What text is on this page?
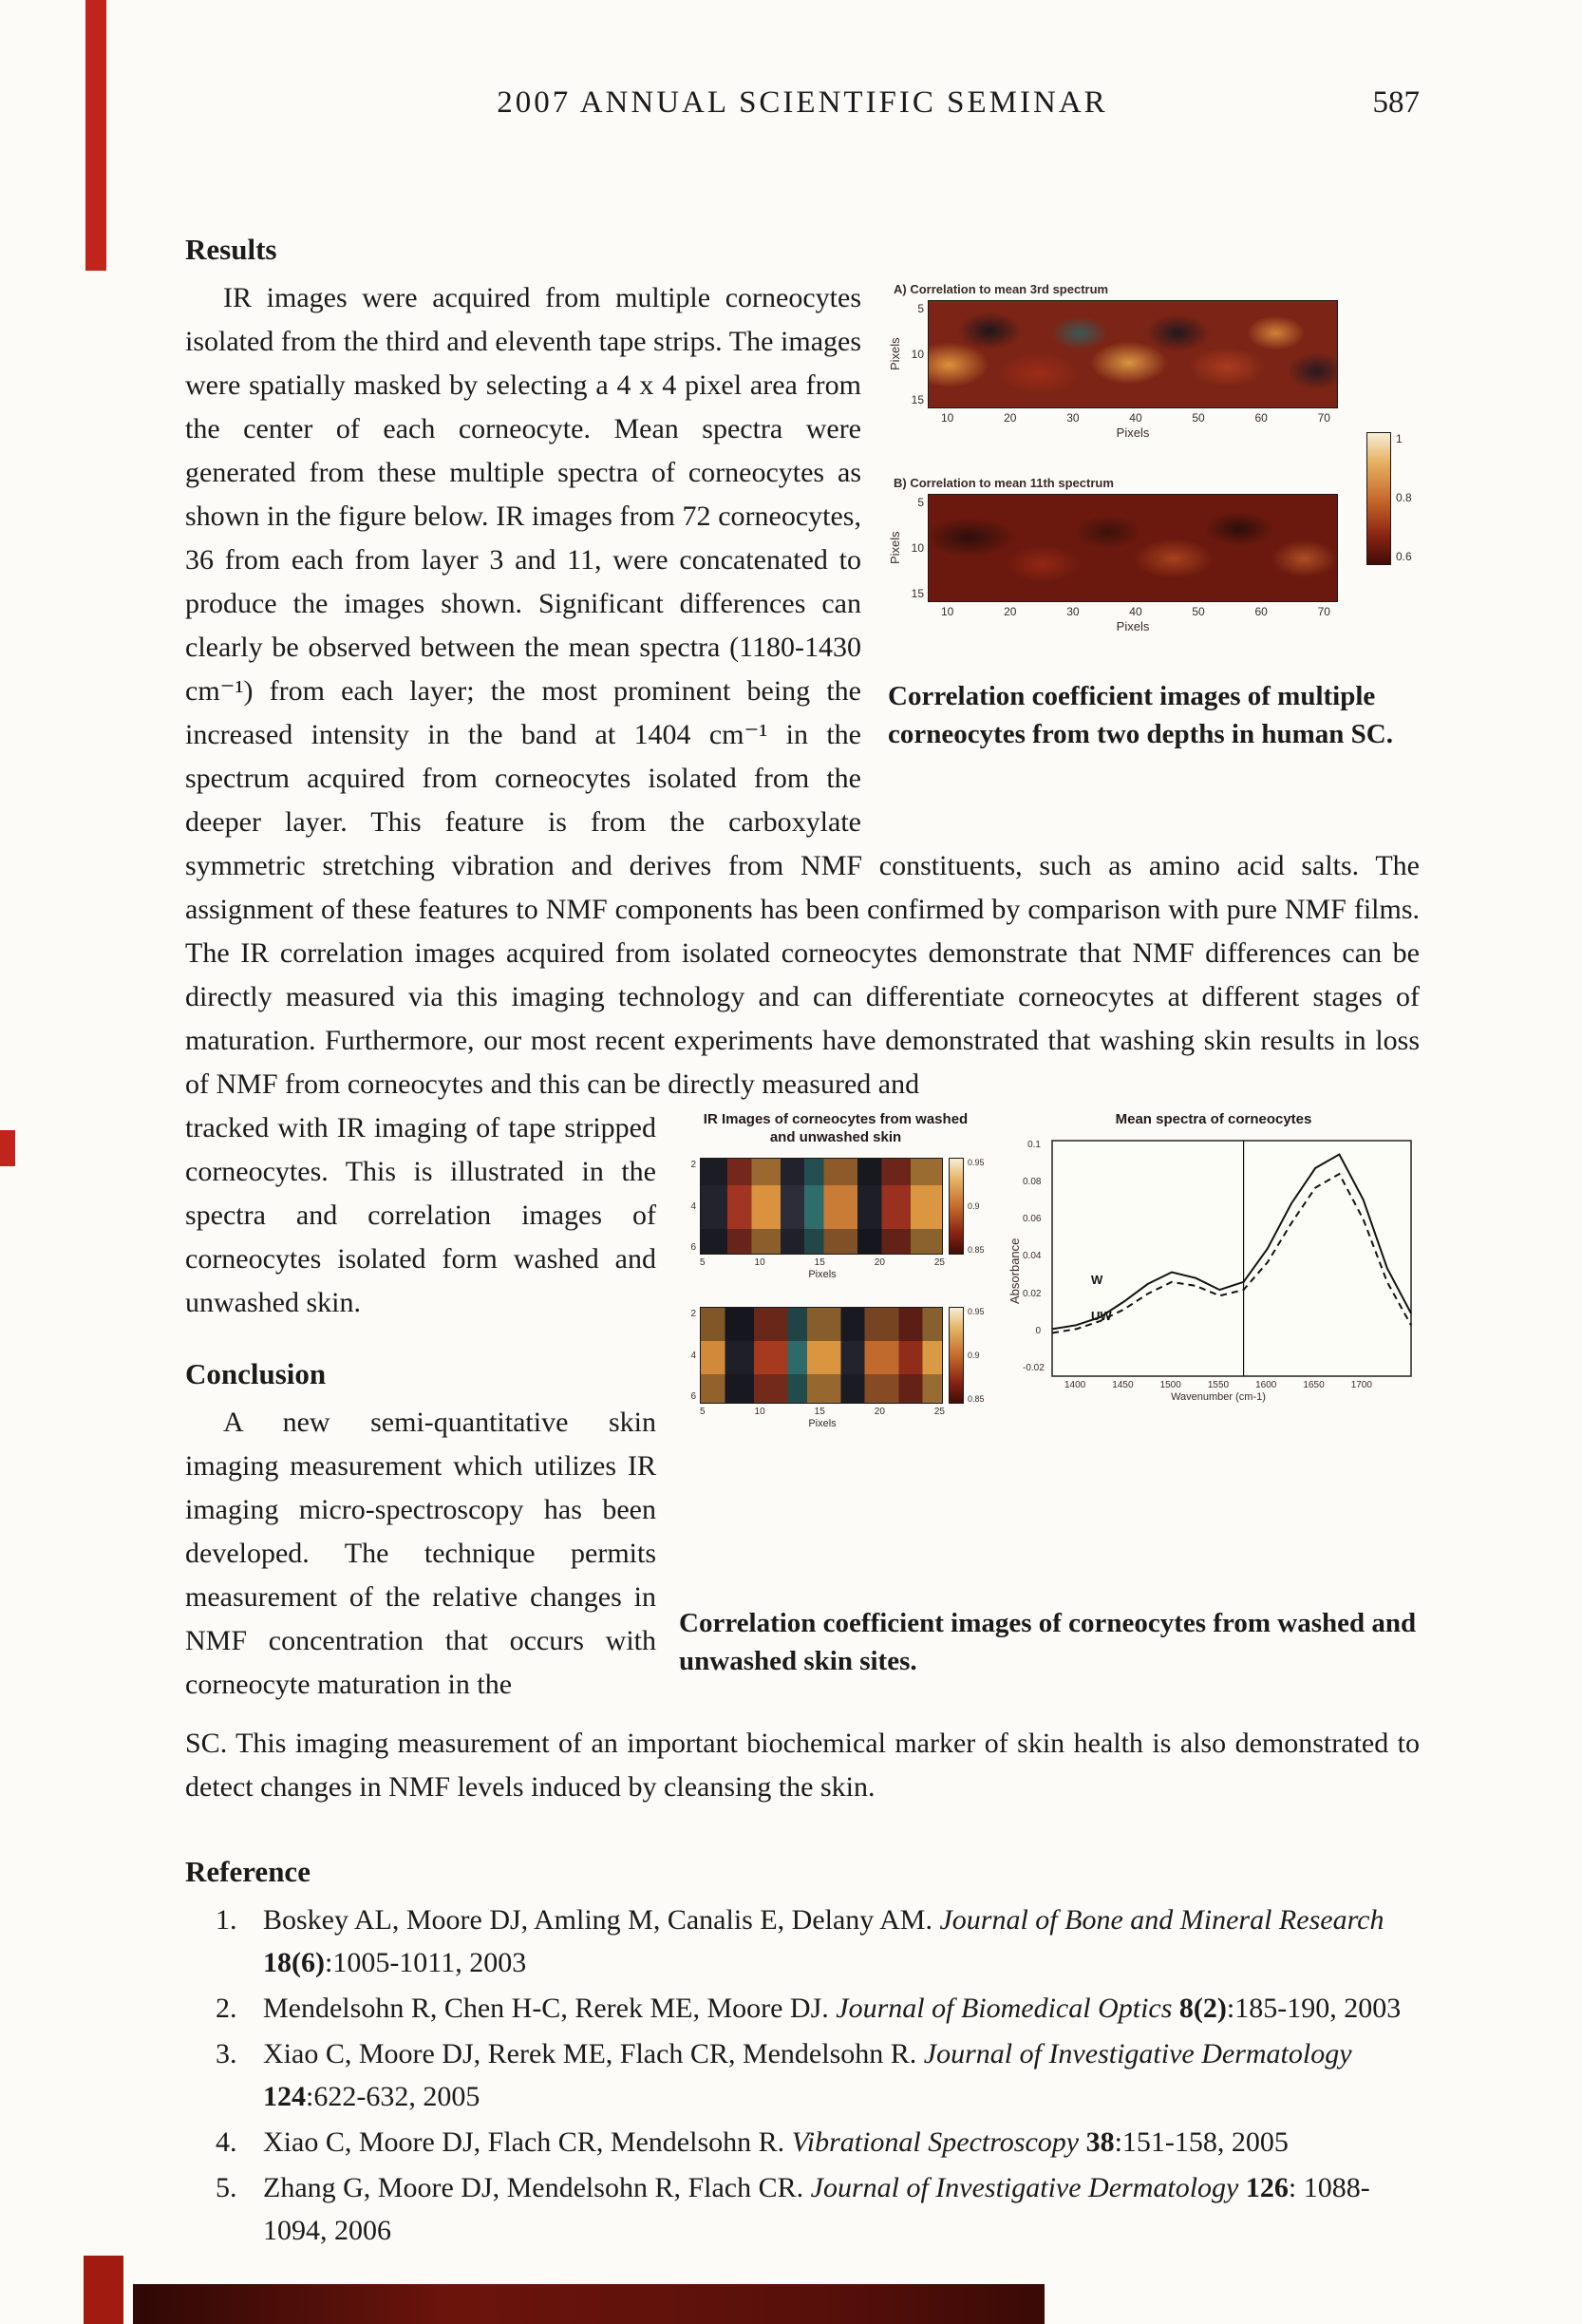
2007 ANNUAL SCIENTIFIC SEMINAR	587
Results
A) Correlation to mean 3rd spectrum
Pixels
5
10
15
10	20	30	40	50	60	70
Pixels	1
0.8
0.6
B) Correlation to mean 11th spectrum
Pixels
5
10
15
10	20	30	40	50	60	70
Pixels
Correlation coefficient images of multiple corneocytes from two depths in human SC.

IR images were acquired from multiple corneocytes isolated from the third and eleventh tape strips. The images were spatially masked by selecting a 4 x 4 pixel area from the center of each corneocyte. Mean spectra were generated from these multiple spectra of corneocytes as shown in the figure below. IR images from 72 corneocytes, 36 from each from layer 3 and 11, were concatenated to produce the images shown. Significant differences can clearly be observed between the mean spectra (1180-1430 cm⁻¹) from each layer; the most prominent being the increased intensity in the band at 1404 cm⁻¹ in the spectrum acquired from corneocytes isolated from the deeper layer. This feature is from the carboxylate symmetric stretching vibration and derives from NMF constituents, such as amino acid salts. The assignment of these features to NMF components has been confirmed by comparison with pure NMF films. The IR correlation images acquired from isolated corneocytes demonstrate that NMF differences can be directly measured via this imaging technology and can differentiate corneocytes at different stages of maturation. Furthermore, our most recent experiments have demonstrated that washing skin results in loss of NMF from corneocytes and this can be directly measured and

IR Images of corneocytes from washed
and unwashed skin
2
4
6
0.95
0.9
0.85
5	10	15	20	25
Pixels
2
4
6
0.95
0.9
0.85
5	10	15	20	25
Pixels
Mean spectra of corneocytes
Absorbance
0.1
0.08
0.06
0.04
0.02
0
-0.02
W
UW
1400	1450	1500	1550	1600	1650	1700
Wavenumber (cm-1)
Correlation coefficient images of corneocytes from washed and unwashed skin sites.

tracked with IR imaging of tape stripped corneocytes. This is illustrated in the spectra and correlation images of corneocytes isolated form washed and unwashed skin.

Conclusion

A new semi-quantitative skin imaging measurement which utilizes IR imaging micro-spectroscopy has been developed. The technique permits measurement of the relative changes in NMF concentration that occurs with corneocyte maturation in the

SC. This imaging measurement of an important biochemical marker of skin health is also demonstrated to detect changes in NMF levels induced by cleansing the skin.

Reference
1. Boskey AL, Moore DJ, Amling M, Canalis E, Delany AM. Journal of Bone and Mineral Research 18(6):1005-1011, 2003
2. Mendelsohn R, Chen H-C, Rerek ME, Moore DJ. Journal of Biomedical Optics 8(2):185-190, 2003
3. Xiao C, Moore DJ, Rerek ME, Flach CR, Mendelsohn R. Journal of Investigative Dermatology 124:622-632, 2005
4. Xiao C, Moore DJ, Flach CR, Mendelsohn R. Vibrational Spectroscopy 38:151-158, 2005
5. Zhang G, Moore DJ, Mendelsohn R, Flach CR. Journal of Investigative Dermatology 126: 1088-1094, 2006
